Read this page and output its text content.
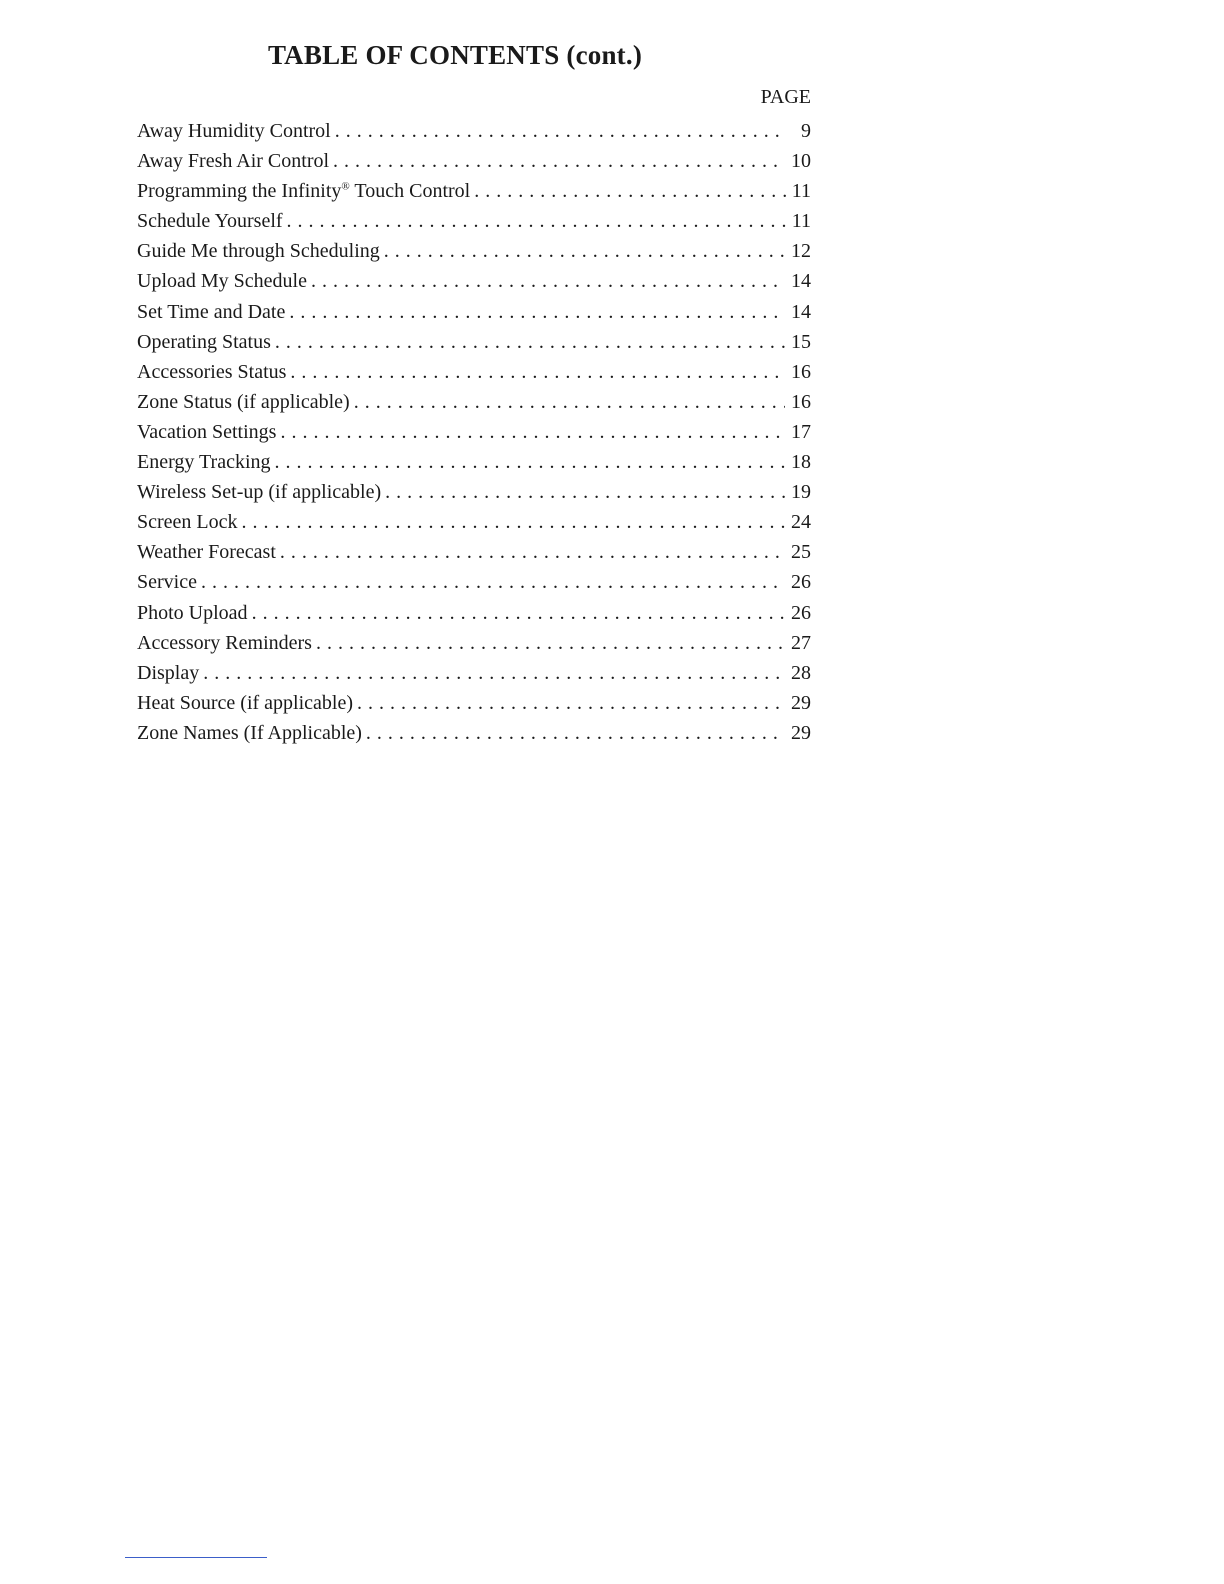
TABLE OF CONTENTS (cont.)
PAGE
Away Humidity Control . . .	9
Away Fresh Air Control . . .	10
Programming the Infinity® Touch Control . . .	11
Schedule Yourself . . .	11
Guide Me through Scheduling . . .	12
Upload My Schedule . . .	14
Set Time and Date . . .	14
Operating Status . . .	15
Accessories Status . . .	16
Zone Status (if applicable) . . .	16
Vacation Settings . . .	17
Energy Tracking . . .	18
Wireless Set-up (if applicable) . . .	19
Screen Lock . . .	24
Weather Forecast . . .	25
Service . . .	26
Photo Upload . . .	26
Accessory Reminders . . .	27
Display . . .	28
Heat Source (if applicable) . . .	29
Zone Names (If Applicable) . . .	29
